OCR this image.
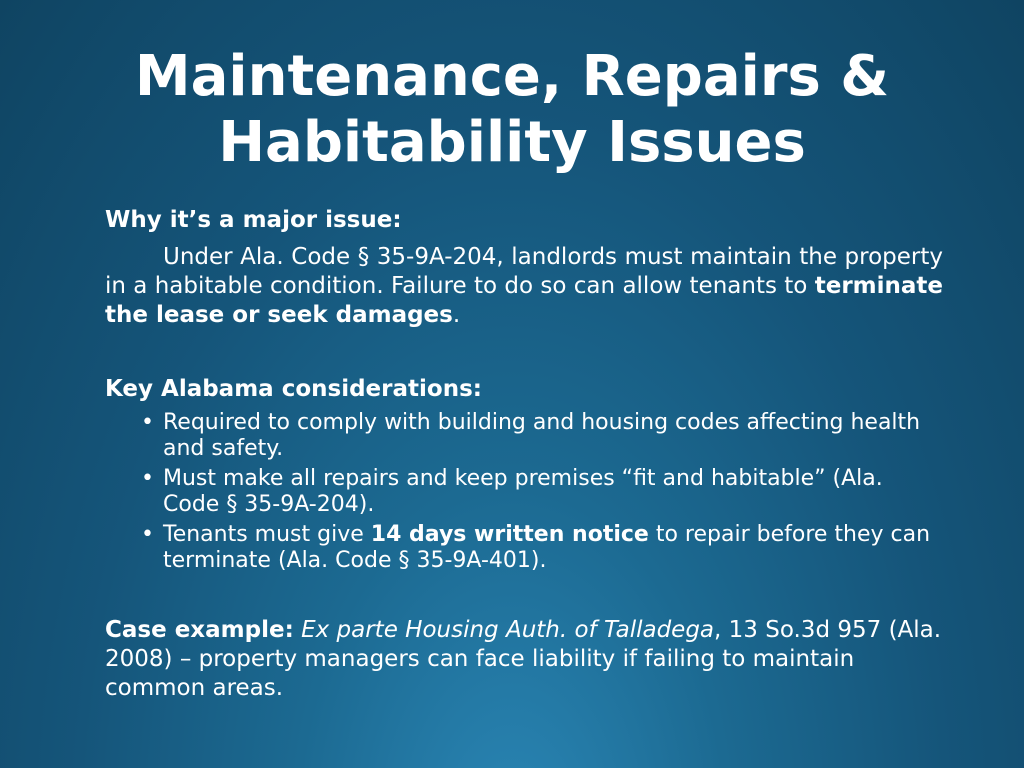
Maintenance, Repairs &
Habitability Issues

Why it’s a major issue:

Under Ala. Code § 35-9A-204, landlords must maintain the property in a habitable condition. Failure to do so can allow tenants to terminate the lease or seek damages.

Key Alabama considerations:

• Required to comply with building and housing codes affecting health and safety.
• Must make all repairs and keep premises “fit and habitable” (Ala. Code § 35-9A-204).
• Tenants must give 14 days written notice to repair before they can terminate (Ala. Code § 35-9A-401).

Case example: Ex parte Housing Auth. of Talladega, 13 So.3d 957 (Ala. 2008) – property managers can face liability if failing to maintain common areas.
